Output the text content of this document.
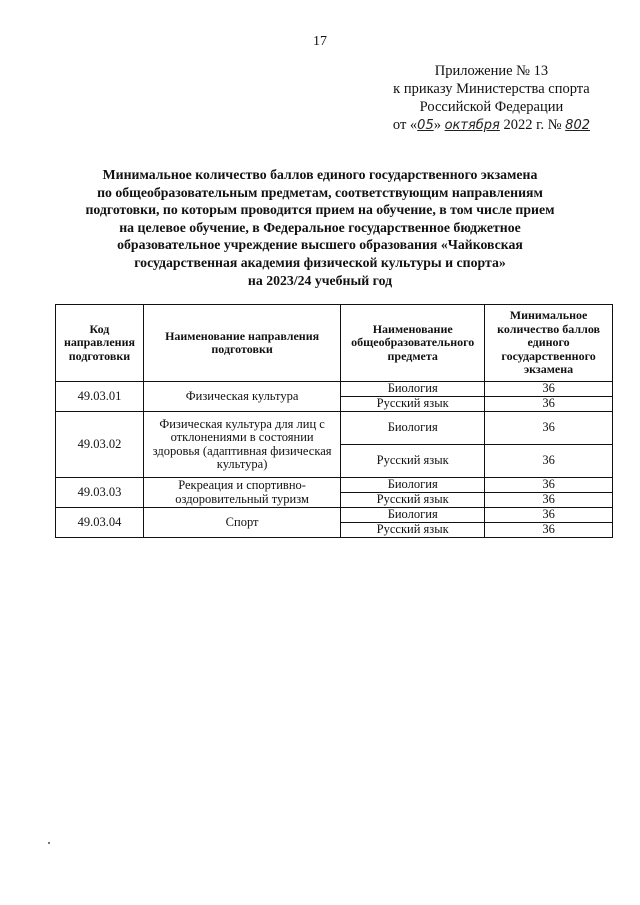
17
Приложение № 13
к приказу Министерства спорта
Российской Федерации
от «05» октября 2022 г. № 802
Минимальное количество баллов единого государственного экзамена
по общеобразовательным предметам, соответствующим направлениям
подготовки, по которым проводится прием на обучение, в том числе прием
на целевое обучение, в Федеральное государственное бюджетное
образовательное учреждение высшего образования «Чайковская
государственная академия физической культуры и спорта»
на 2023/24 учебный год
Код направления подготовки	Наименование направления подготовки	Наименование общеобразовательного предмета	Минимальное количество баллов единого государственного экзамена
49.03.01	Физическая культура	Биология	36
		Русский язык	36
49.03.02	Физическая культура для лиц с отклонениями в состоянии здоровья (адаптивная физическая культура)	Биология	36
		Русский язык	36
49.03.03	Рекреация и спортивно-оздоровительный туризм	Биология	36
		Русский язык	36
49.03.04	Спорт	Биология	36
		Русский язык	36
